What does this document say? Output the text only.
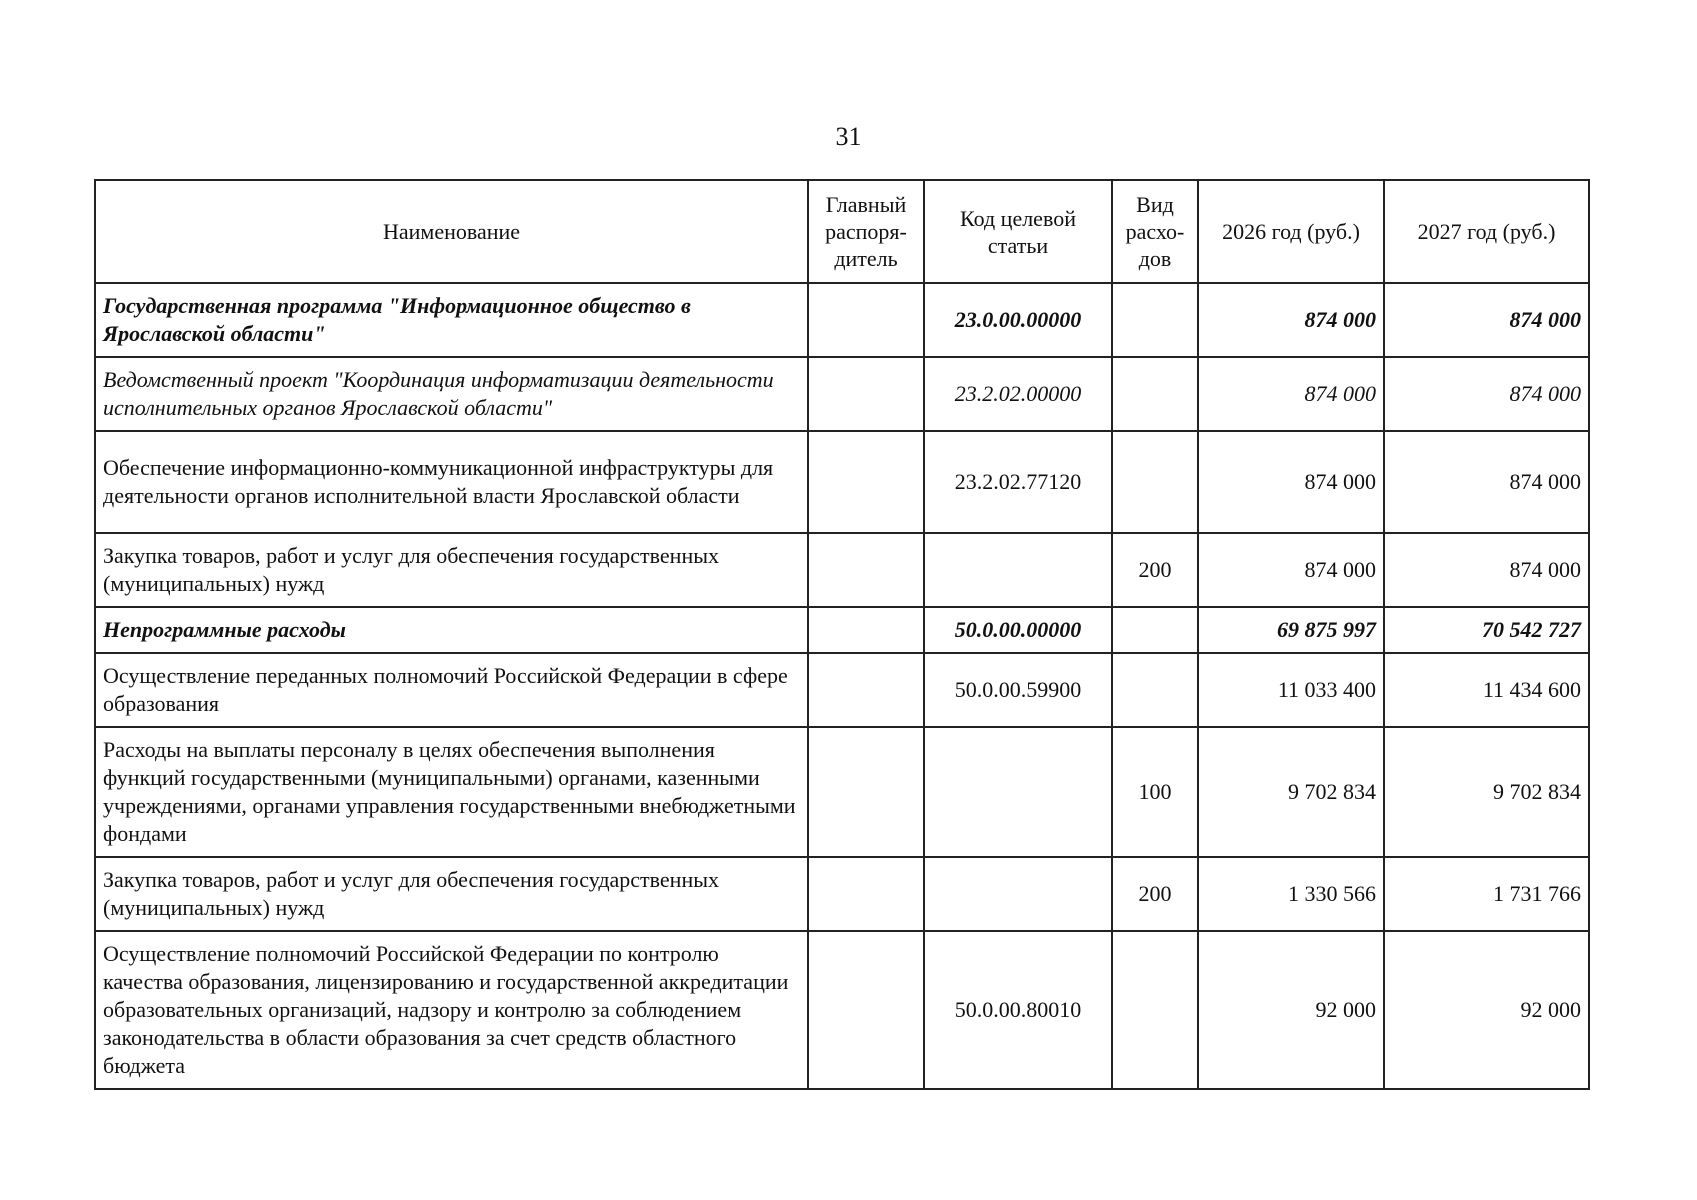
31
Наименование	Главный распоря-дитель	Код целевой статьи	Вид расхо-дов	2026 год (руб.)	2027 год (руб.)
Государственная программа "Информационное общество в Ярославской области"		23.0.00.00000		874 000	874 000
Ведомственный проект "Координация информатизации деятельности исполнительных органов Ярославской области"		23.2.02.00000		874 000	874 000
Обеспечение информационно-коммуникационной инфраструктуры для деятельности органов исполнительной власти Ярославской области		23.2.02.77120		874 000	874 000
Закупка товаров, работ и услуг для обеспечения государственных (муниципальных) нужд			200	874 000	874 000
Непрограммные расходы		50.0.00.00000		69 875 997	70 542 727
Осуществление переданных полномочий Российской Федерации в сфере образования		50.0.00.59900		11 033 400	11 434 600
Расходы на выплаты персоналу в целях обеспечения выполнения функций государственными (муниципальными) органами, казенными учреждениями, органами управления государственными внебюджетными фондами			100	9 702 834	9 702 834
Закупка товаров, работ и услуг для обеспечения государственных (муниципальных) нужд			200	1 330 566	1 731 766
Осуществление полномочий Российской Федерации по контролю качества образования, лицензированию и государственной аккредитации образовательных организаций, надзору и контролю за соблюдением законодательства в области образования за счет средств областного бюджета		50.0.00.80010		92 000	92 000
